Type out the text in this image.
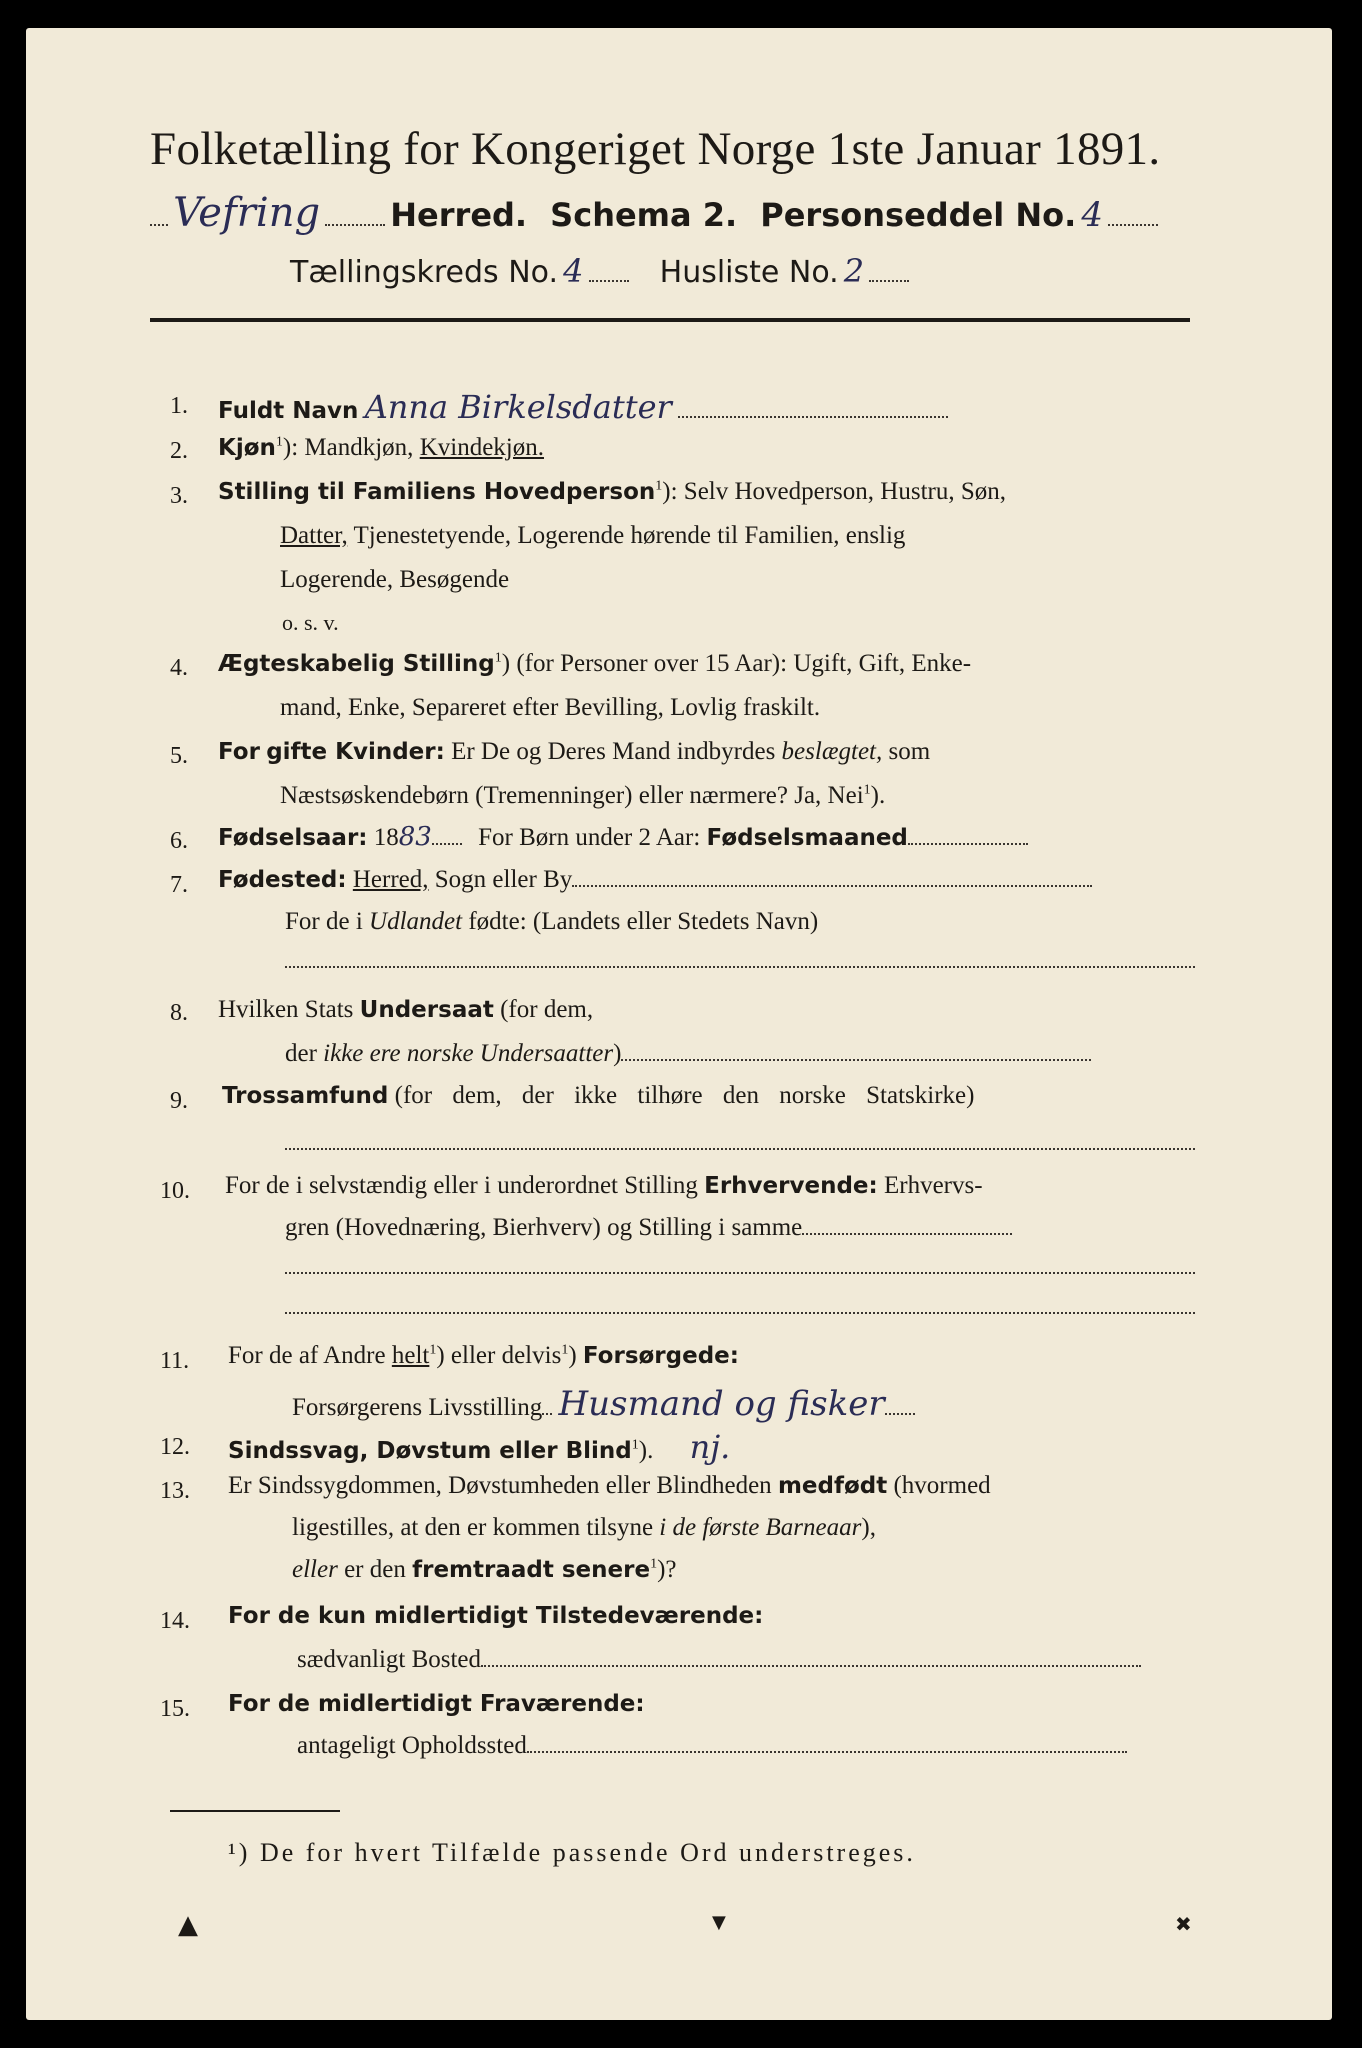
Folketælling for Kongeriget Norge 1ste Januar 1891.
Vefring Herred. Schema 2. Personseddel No. 4
Tællingskreds No. 4	Husliste No. 2
1. Fuldt Navn Anna Birkelsdatter
2. Kjøn$^1$): Mandkjøn, Kvindekjøn.
3. Stilling til Familiens Hovedperson$^1$): Selv Hovedperson, Hustru, Søn,
Datter, Tjenestetyende, Logerende hørende til Familien, enslig
Logerende, Besøgende
o. s. v.
4. Ægteskabelig Stilling$^1$) (for Personer over 15 Aar): Ugift, Gift, Enke-
mand, Enke, Separeret efter Bevilling, Lovlig fraskilt.
5. For gifte Kvinder: Er De og Deres Mand indbyrdes beslægtet, som
Næstsøskendebørn (Tremenninger) eller nærmere? Ja, Nei$^1$).
6. Fødselsaar: 1883 For Børn under 2 Aar: Fødselsmaaned
7. Fødested: Herred, Sogn eller By
For de i Udlandet fødte: (Landets eller Stedets Navn)
8. Hvilken Stats Undersaat (for dem,
der ikke ere norske Undersaatter)
9. Trossamfund (for dem, der ikke tilhøre den norske Statskirke)
10. For de i selvstændig eller i underordnet Stilling Erhvervende: Erhvervs-
gren (Hovednæring, Bierhverv) og Stilling i samme
11. For de af Andre helt$^1$) eller delvis$^1$) Forsørgede:
Forsørgerens Livsstilling Husmand og fisker
12. Sindssvag, Døvstum eller Blind$^1$). nj.
13. Er Sindssygdommen, Døvstumheden eller Blindheden medfødt (hvormed
ligestilles, at den er kommen tilsyne i de første Barneaar),
eller er den fremtraadt senere$^1$)?
14. For de kun midlertidigt Tilstedeværende:
sædvanligt Bosted
15. For de midlertidigt Fraværende:
antageligt Opholdssted
¹) De for hvert Tilfælde passende Ord understreges.
▲	▼	✖
